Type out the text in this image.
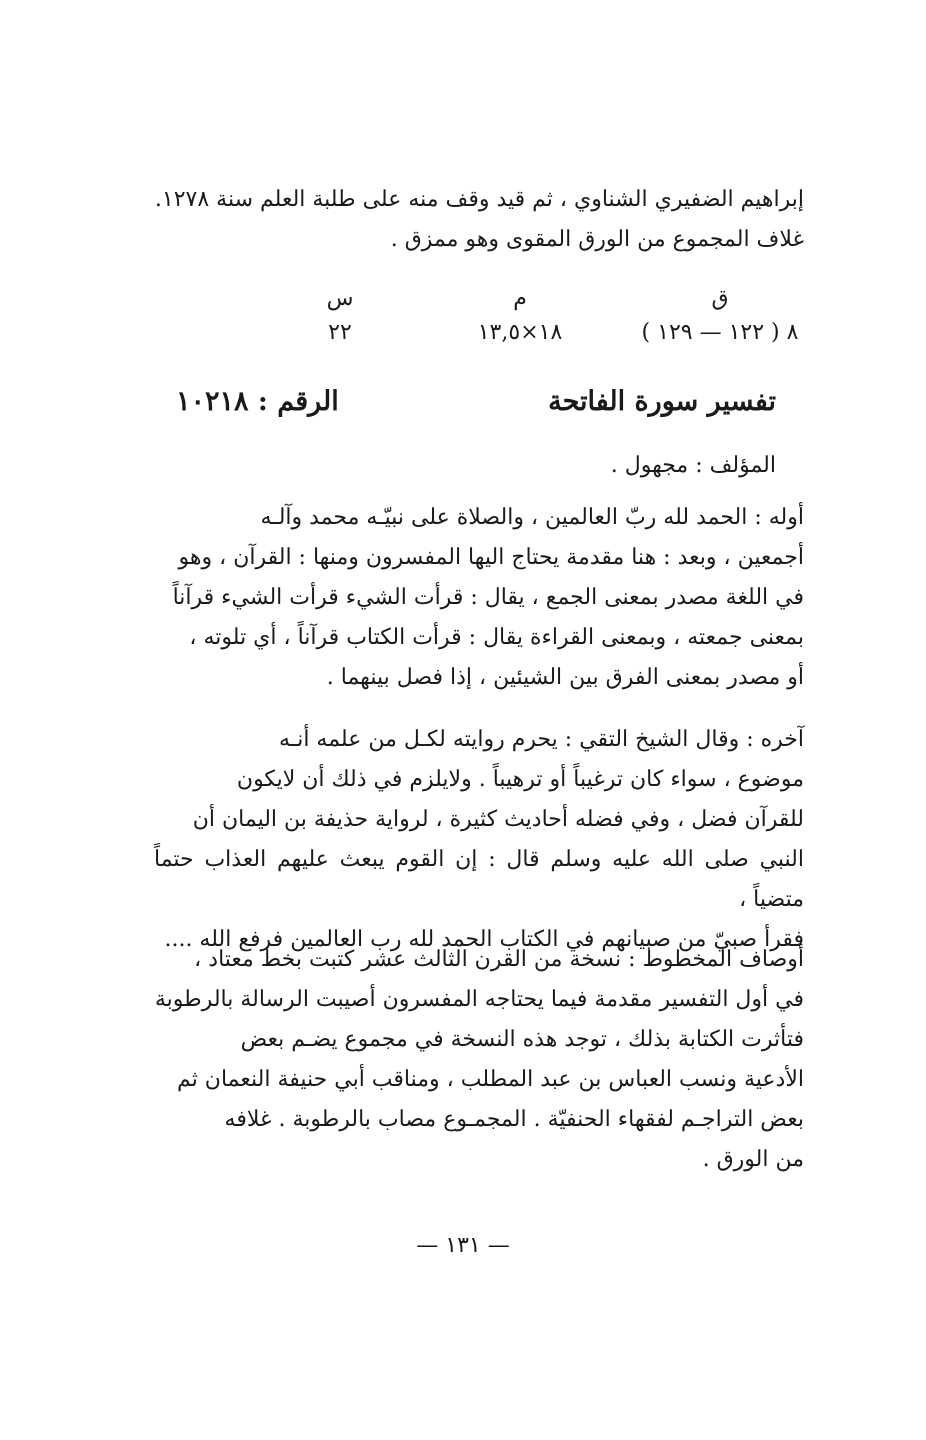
إبراهيم الضفيري الشناوي ، ثم قيد وقف منه على طلبة العلم سنة ١٢٧٨.
غلاف المجموع من الورق المقوى وهو ممزق .
ق
٨ ( ١٢٢ — ١٢٩ )
م
١٨×١٣,٥
س
٢٢
تفسير سورة الفاتحة
الرقم : ١٠٢١٨
المؤلف : مجهول .
أوله : الحمد لله ربّ العالمين ، والصلاة على نبيّـه محمد وآلـه
أجمعين ، وبعد : هنا مقدمة يحتاج اليها المفسرون ومنها : القرآن ، وهو
في اللغة مصدر بمعنى الجمع ، يقال : قرأت الشيء قرأت الشيء قرآناً
بمعنى جمعته ، وبمعنى القراءة يقال : قرأت الكتاب قرآناً ، أي تلوته ،
أو مصدر بمعنى الفرق بين الشيئين ، إذا فصل بينهما .
آخره : وقال الشيخ التقي : يحرم روايته لكـل من علمه أنـه
موضوع ، سواء كان ترغيباً أو ترهيباً . ولايلزم في ذلك أن لايكون
للقرآن فضل ، وفي فضله أحاديث كثيرة ، لرواية حذيفة بن اليمان أن
النبي صلى الله عليه وسلم قال : إن القوم يبعث عليهم العذاب حتماً متضياً ،
فقرأ صبيّ من صبيانهم في الكتاب الحمد لله رب العالمين فرفع الله ....
أوصاف المخطوط : نسخة من القرن الثالث عشر كتبت بخط معتاد ،
في أول التفسير مقدمة فيما يحتاجه المفسرون أصيبت الرسالة بالرطوبة
فتأثرت الكتابة بذلك ، توجد هذه النسخة في مجموع يضـم بعض
الأدعية ونسب العباس بن عبد المطلب ، ومناقب أبي حنيفة النعمان ثم
بعض التراجـم لفقهاء الحنفيّة . المجمـوع مصاب بالرطوبة . غلافه
من الورق .
— ١٣١ —
